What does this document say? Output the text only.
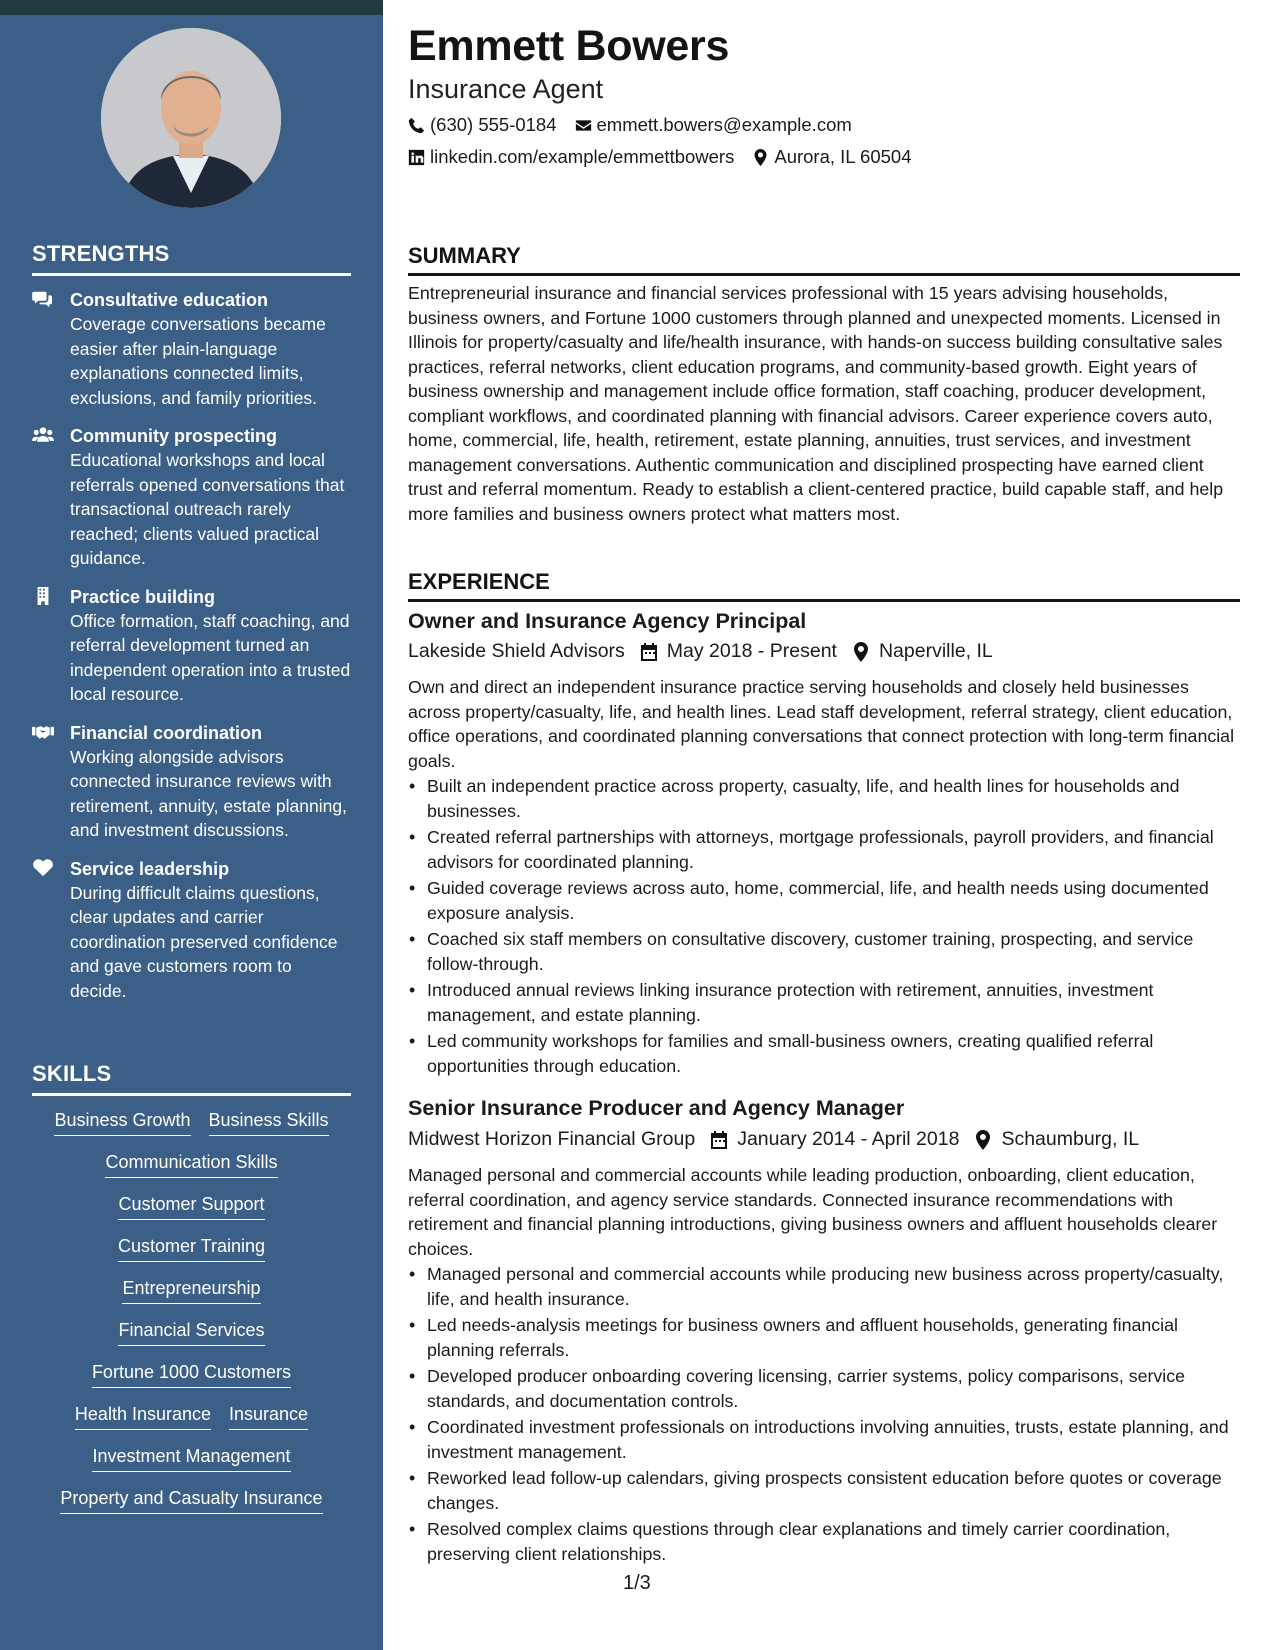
STRENGTHS
Consultative education
Coverage conversations became easier after plain-language explanations connected limits, exclusions, and family priorities.
Community prospecting
Educational workshops and local referrals opened conversations that transactional outreach rarely reached; clients valued practical guidance.
Practice building
Office formation, staff coaching, and referral development turned an independent operation into a trusted local resource.
Financial coordination
Working alongside advisors connected insurance reviews with retirement, annuity, estate planning, and investment discussions.
Service leadership
During difficult claims questions, clear updates and carrier coordination preserved confidence and gave customers room to decide.
SKILLS
Business Growth Business Skills
Communication Skills
Customer Support
Customer Training
Entrepreneurship
Financial Services
Fortune 1000 Customers
Health Insurance Insurance
Investment Management
Property and Casualty Insurance
Emmett Bowers
Insurance Agent
(630) 555-0184 emmett.bowers@example.com
linkedin.com/example/emmettbowers Aurora, IL 60504
SUMMARY
Entrepreneurial insurance and financial services professional with 15 years advising households, business owners, and Fortune 1000 customers through planned and unexpected moments. Licensed in Illinois for property/casualty and life/health insurance, with hands-on success building consultative sales practices, referral networks, client education programs, and community-based growth. Eight years of business ownership and management include office formation, staff coaching, producer development, compliant workflows, and coordinated planning with financial advisors. Career experience covers auto, home, commercial, life, health, retirement, estate planning, annuities, trust services, and investment management conversations. Authentic communication and disciplined prospecting have earned client trust and referral momentum. Ready to establish a client-centered practice, build capable staff, and help more families and business owners protect what matters most.
EXPERIENCE
Owner and Insurance Agency Principal
Lakeside Shield Advisors May 2018 - Present Naperville, IL
Own and direct an independent insurance practice serving households and closely held businesses across property/casualty, life, and health lines. Lead staff development, referral strategy, client education, office operations, and coordinated planning conversations that connect protection with long-term financial goals.
• Built an independent practice across property, casualty, life, and health lines for households and businesses.
• Created referral partnerships with attorneys, mortgage professionals, payroll providers, and financial advisors for coordinated planning.
• Guided coverage reviews across auto, home, commercial, life, and health needs using documented exposure analysis.
• Coached six staff members on consultative discovery, customer training, prospecting, and service follow-through.
• Introduced annual reviews linking insurance protection with retirement, annuities, investment management, and estate planning.
• Led community workshops for families and small-business owners, creating qualified referral opportunities through education.
Senior Insurance Producer and Agency Manager
Midwest Horizon Financial Group January 2014 - April 2018 Schaumburg, IL
Managed personal and commercial accounts while leading production, onboarding, client education, referral coordination, and agency service standards. Connected insurance recommendations with retirement and financial planning introductions, giving business owners and affluent households clearer choices.
• Managed personal and commercial accounts while producing new business across property/casualty, life, and health insurance.
• Led needs-analysis meetings for business owners and affluent households, generating financial planning referrals.
• Developed producer onboarding covering licensing, carrier systems, policy comparisons, service standards, and documentation controls.
• Coordinated investment professionals on introductions involving annuities, trusts, estate planning, and investment management.
• Reworked lead follow-up calendars, giving prospects consistent education before quotes or coverage changes.
• Resolved complex claims questions through clear explanations and timely carrier coordination, preserving client relationships.
1/3
